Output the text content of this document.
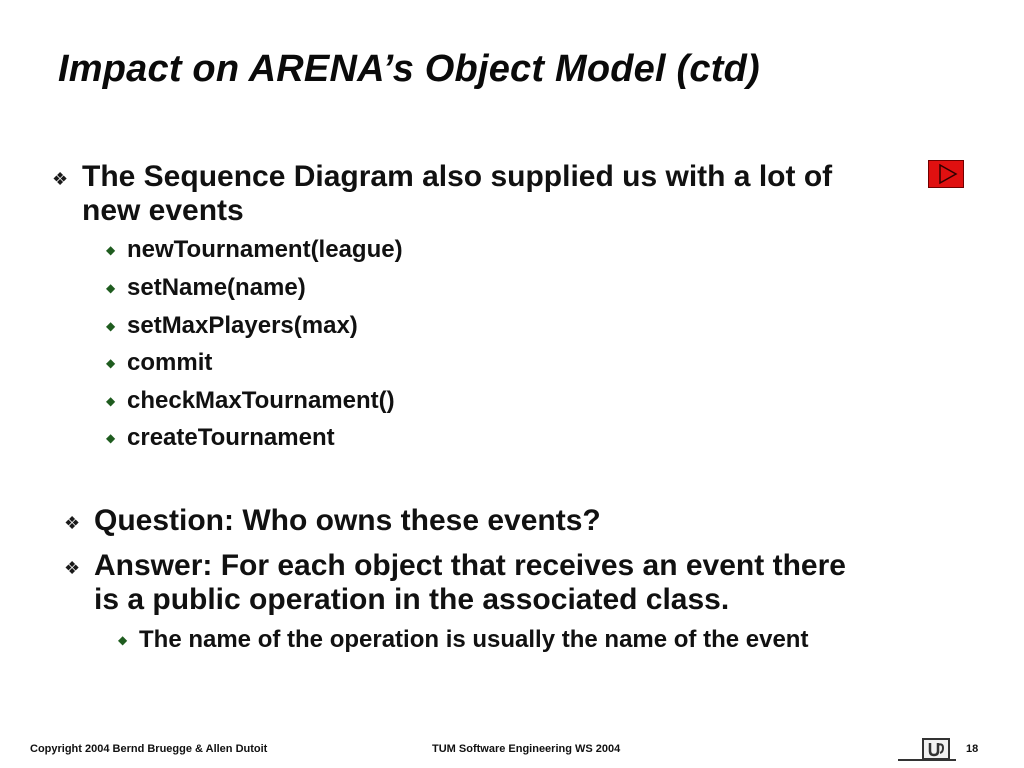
Impact on ARENA’s Object Model (ctd)
❖ The Sequence Diagram also supplied us with a lot of
new events
◆ newTournament(league)
◆ setName(name)
◆ setMaxPlayers(max)
◆ commit
◆ checkMaxTournament()
◆ createTournament
❖ Question: Who owns these events?
❖ Answer: For each object that receives an event there
is a public operation in the associated class.
◆ The name of the operation is usually the name of the event
Copyright 2004 Bernd Bruegge & Allen Dutoit	TUM Software Engineering WS 2004	18
